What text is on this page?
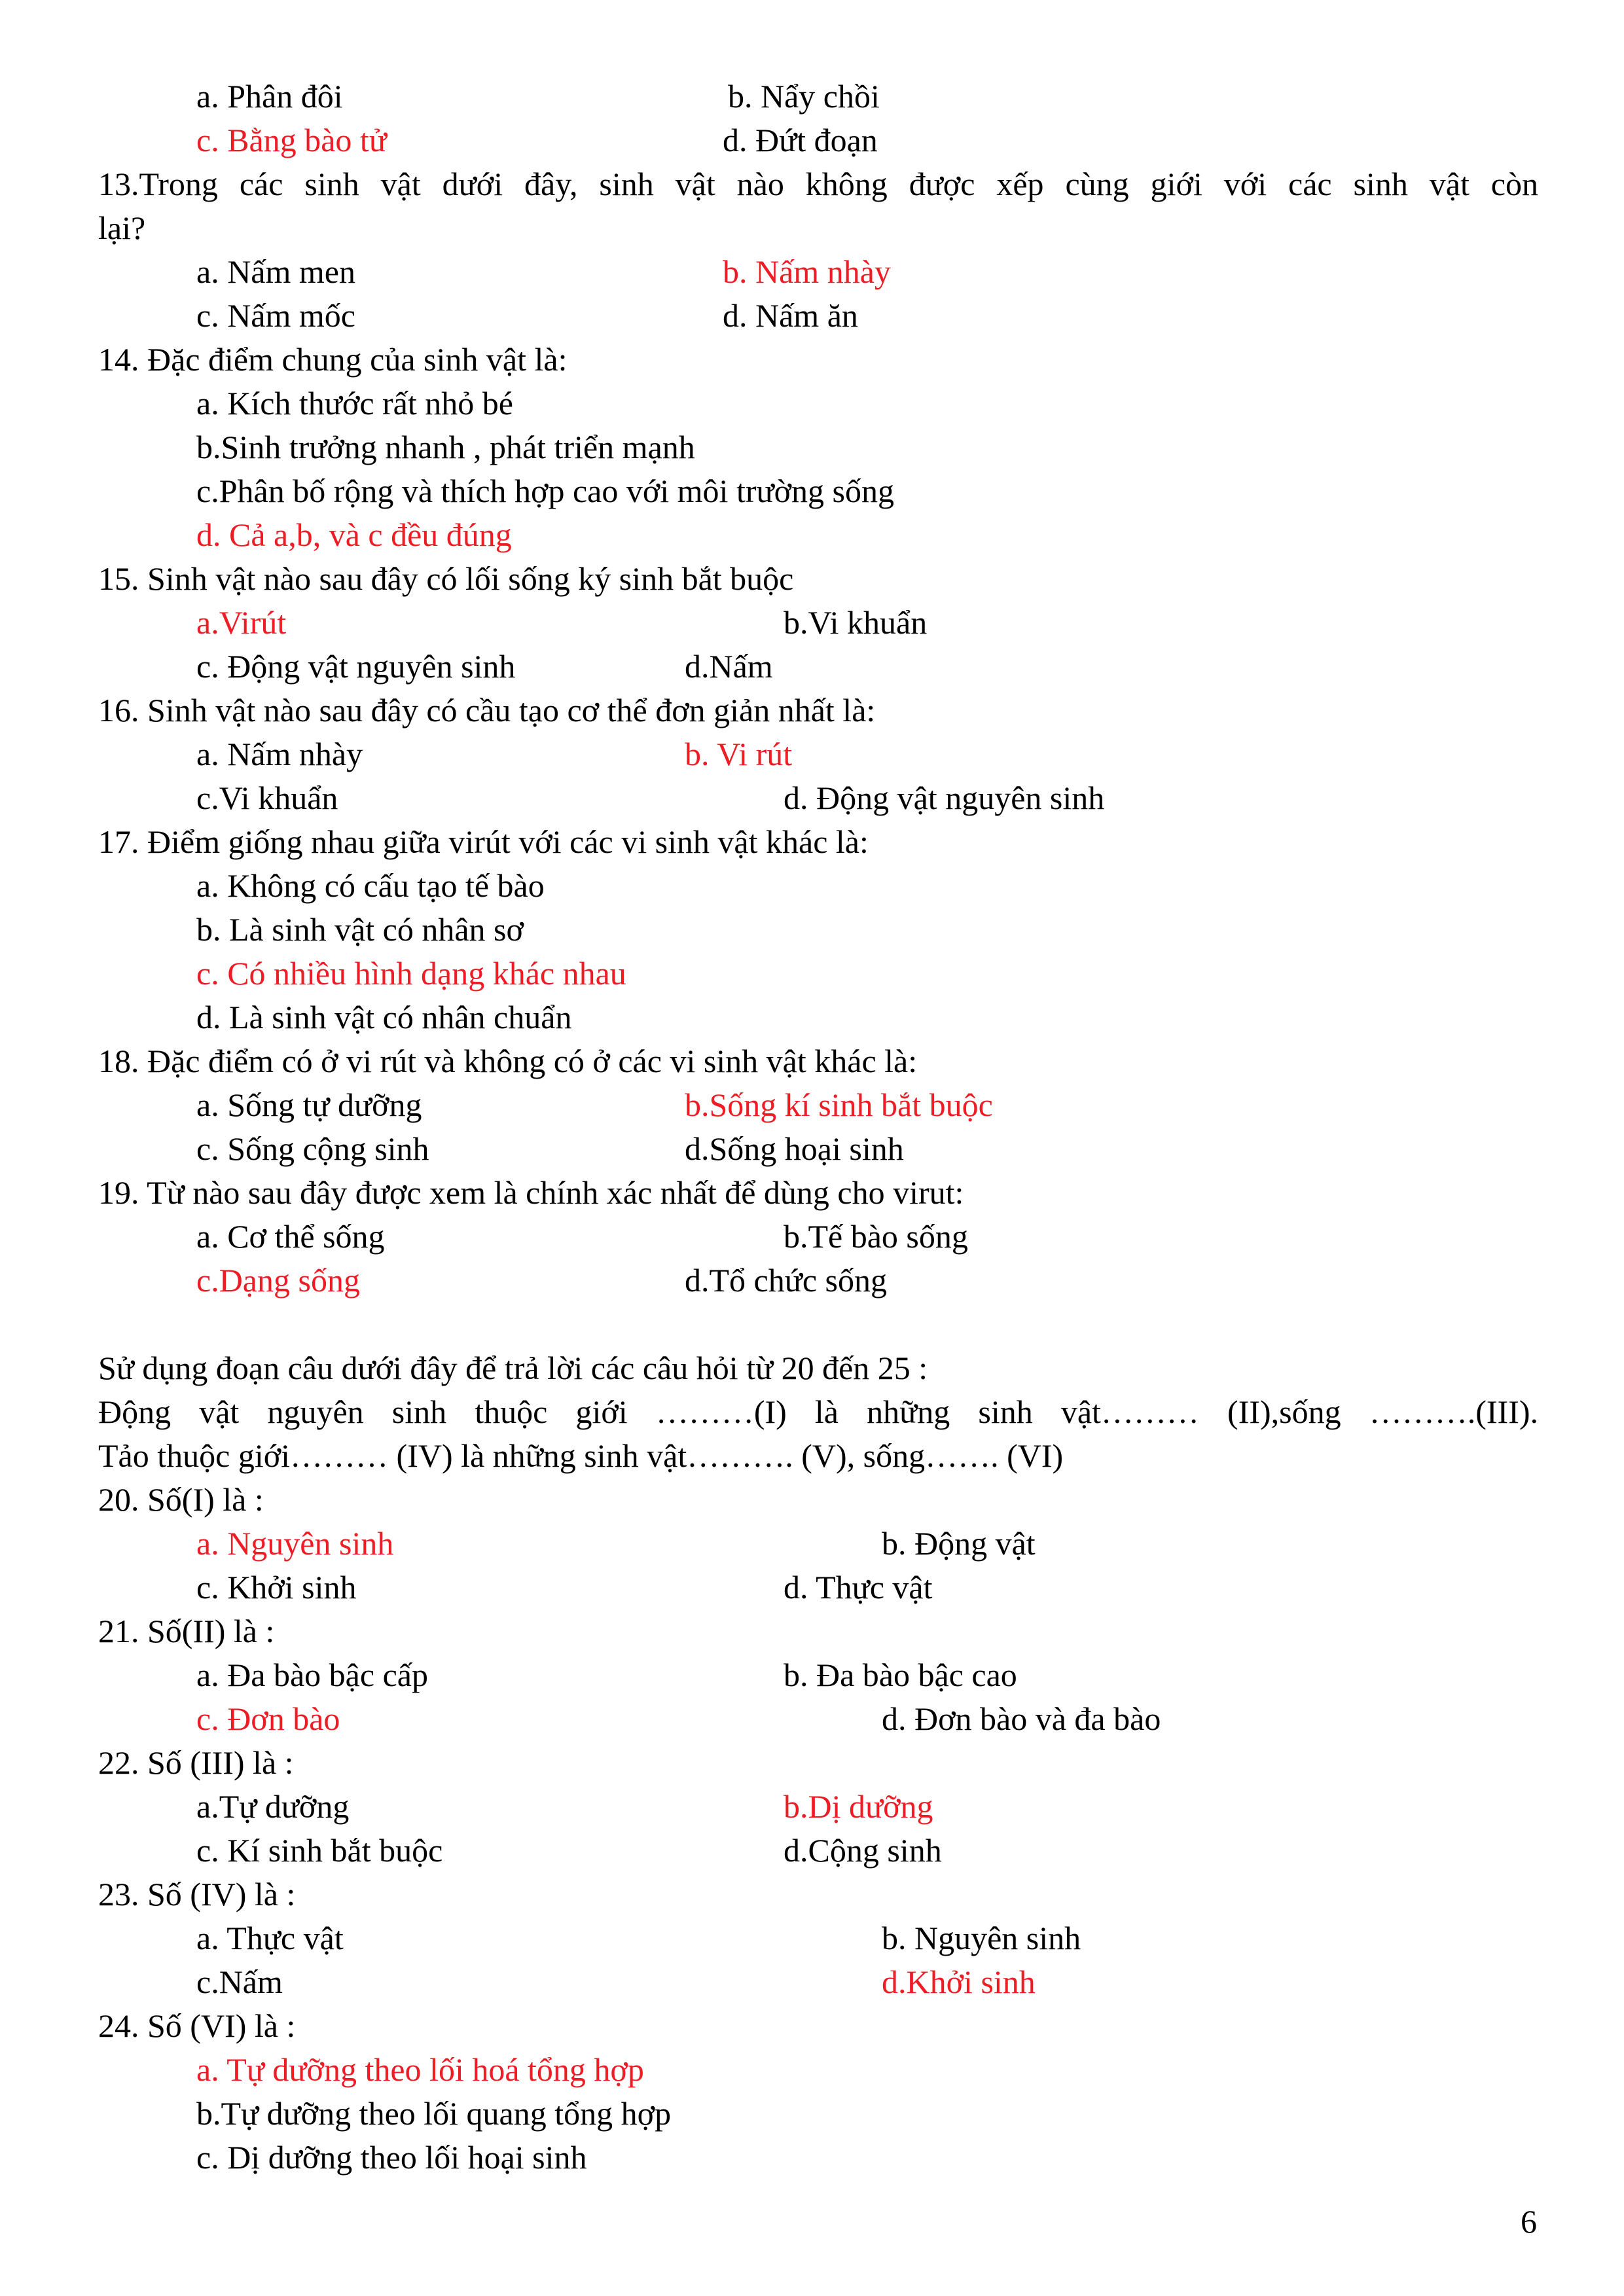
a. Phân đôi	b. Nẩy chồi
c. Bằng bào tử	d. Đứt đoạn
13.Trong các sinh vật dưới đây, sinh vật nào không được xếp cùng giới với các sinh vật còn
lại?
a. Nấm men	b. Nấm nhày
c. Nấm mốc	d. Nấm ăn
14. Đặc điểm chung của sinh vật là:
a. Kích thước rất nhỏ bé
b.Sinh trưởng nhanh , phát triển mạnh
c.Phân bố rộng và thích hợp cao với môi trường sống
d. Cả a,b, và c đều đúng
15. Sinh vật nào sau đây có lối sống ký sinh bắt buộc
a.Virút	b.Vi khuẩn
c. Động vật nguyên sinh	d.Nấm
16. Sinh vật nào sau đây có cầu tạo cơ thể đơn giản nhất là:
a. Nấm nhày	b. Vi rút
c.Vi khuẩn	d. Động vật nguyên sinh
17. Điểm giống nhau giữa virút với các vi sinh vật khác là:
a. Không có cấu tạo tế bào
b. Là sinh vật có nhân sơ
c. Có nhiều hình dạng khác nhau
d. Là sinh vật có nhân chuẩn
18. Đặc điểm có ở vi rút và không có ở các vi sinh vật khác là:
a. Sống tự dưỡng	b.Sống kí sinh bắt buộc
c. Sống cộng sinh	d.Sống hoại sinh
19. Từ nào sau đây được xem là chính xác nhất để dùng cho virut:
a. Cơ thể sống	b.Tế bào sống
c.Dạng sống	d.Tổ chức sống
Sử dụng đoạn câu dưới đây để trả lời các câu hỏi từ 20 đến 25 :
Động vật nguyên sinh thuộc giới ………(I) là những sinh vật……… (II),sống ……….(III).
Tảo thuộc giới……… (IV) là những sinh vật………. (V), sống……. (VI)
20. Số(I) là :
a. Nguyên sinh	b. Động vật
c. Khởi sinh	d. Thực vật
21. Số(II) là :
a. Đa bào bậc cấp	b. Đa bào bậc cao
c. Đơn bào	d. Đơn bào và đa bào
22. Số (III) là :
a.Tự dưỡng	b.Dị dưỡng
c. Kí sinh bắt buộc	d.Cộng sinh
23. Số (IV) là :
a. Thực vật	b. Nguyên sinh
c.Nấm	d.Khởi sinh
24. Số (VI) là :
a. Tự dưỡng theo lối hoá tổng hợp
b.Tự dưỡng theo lối quang tổng hợp
c. Dị dưỡng theo lối hoại sinh
6
